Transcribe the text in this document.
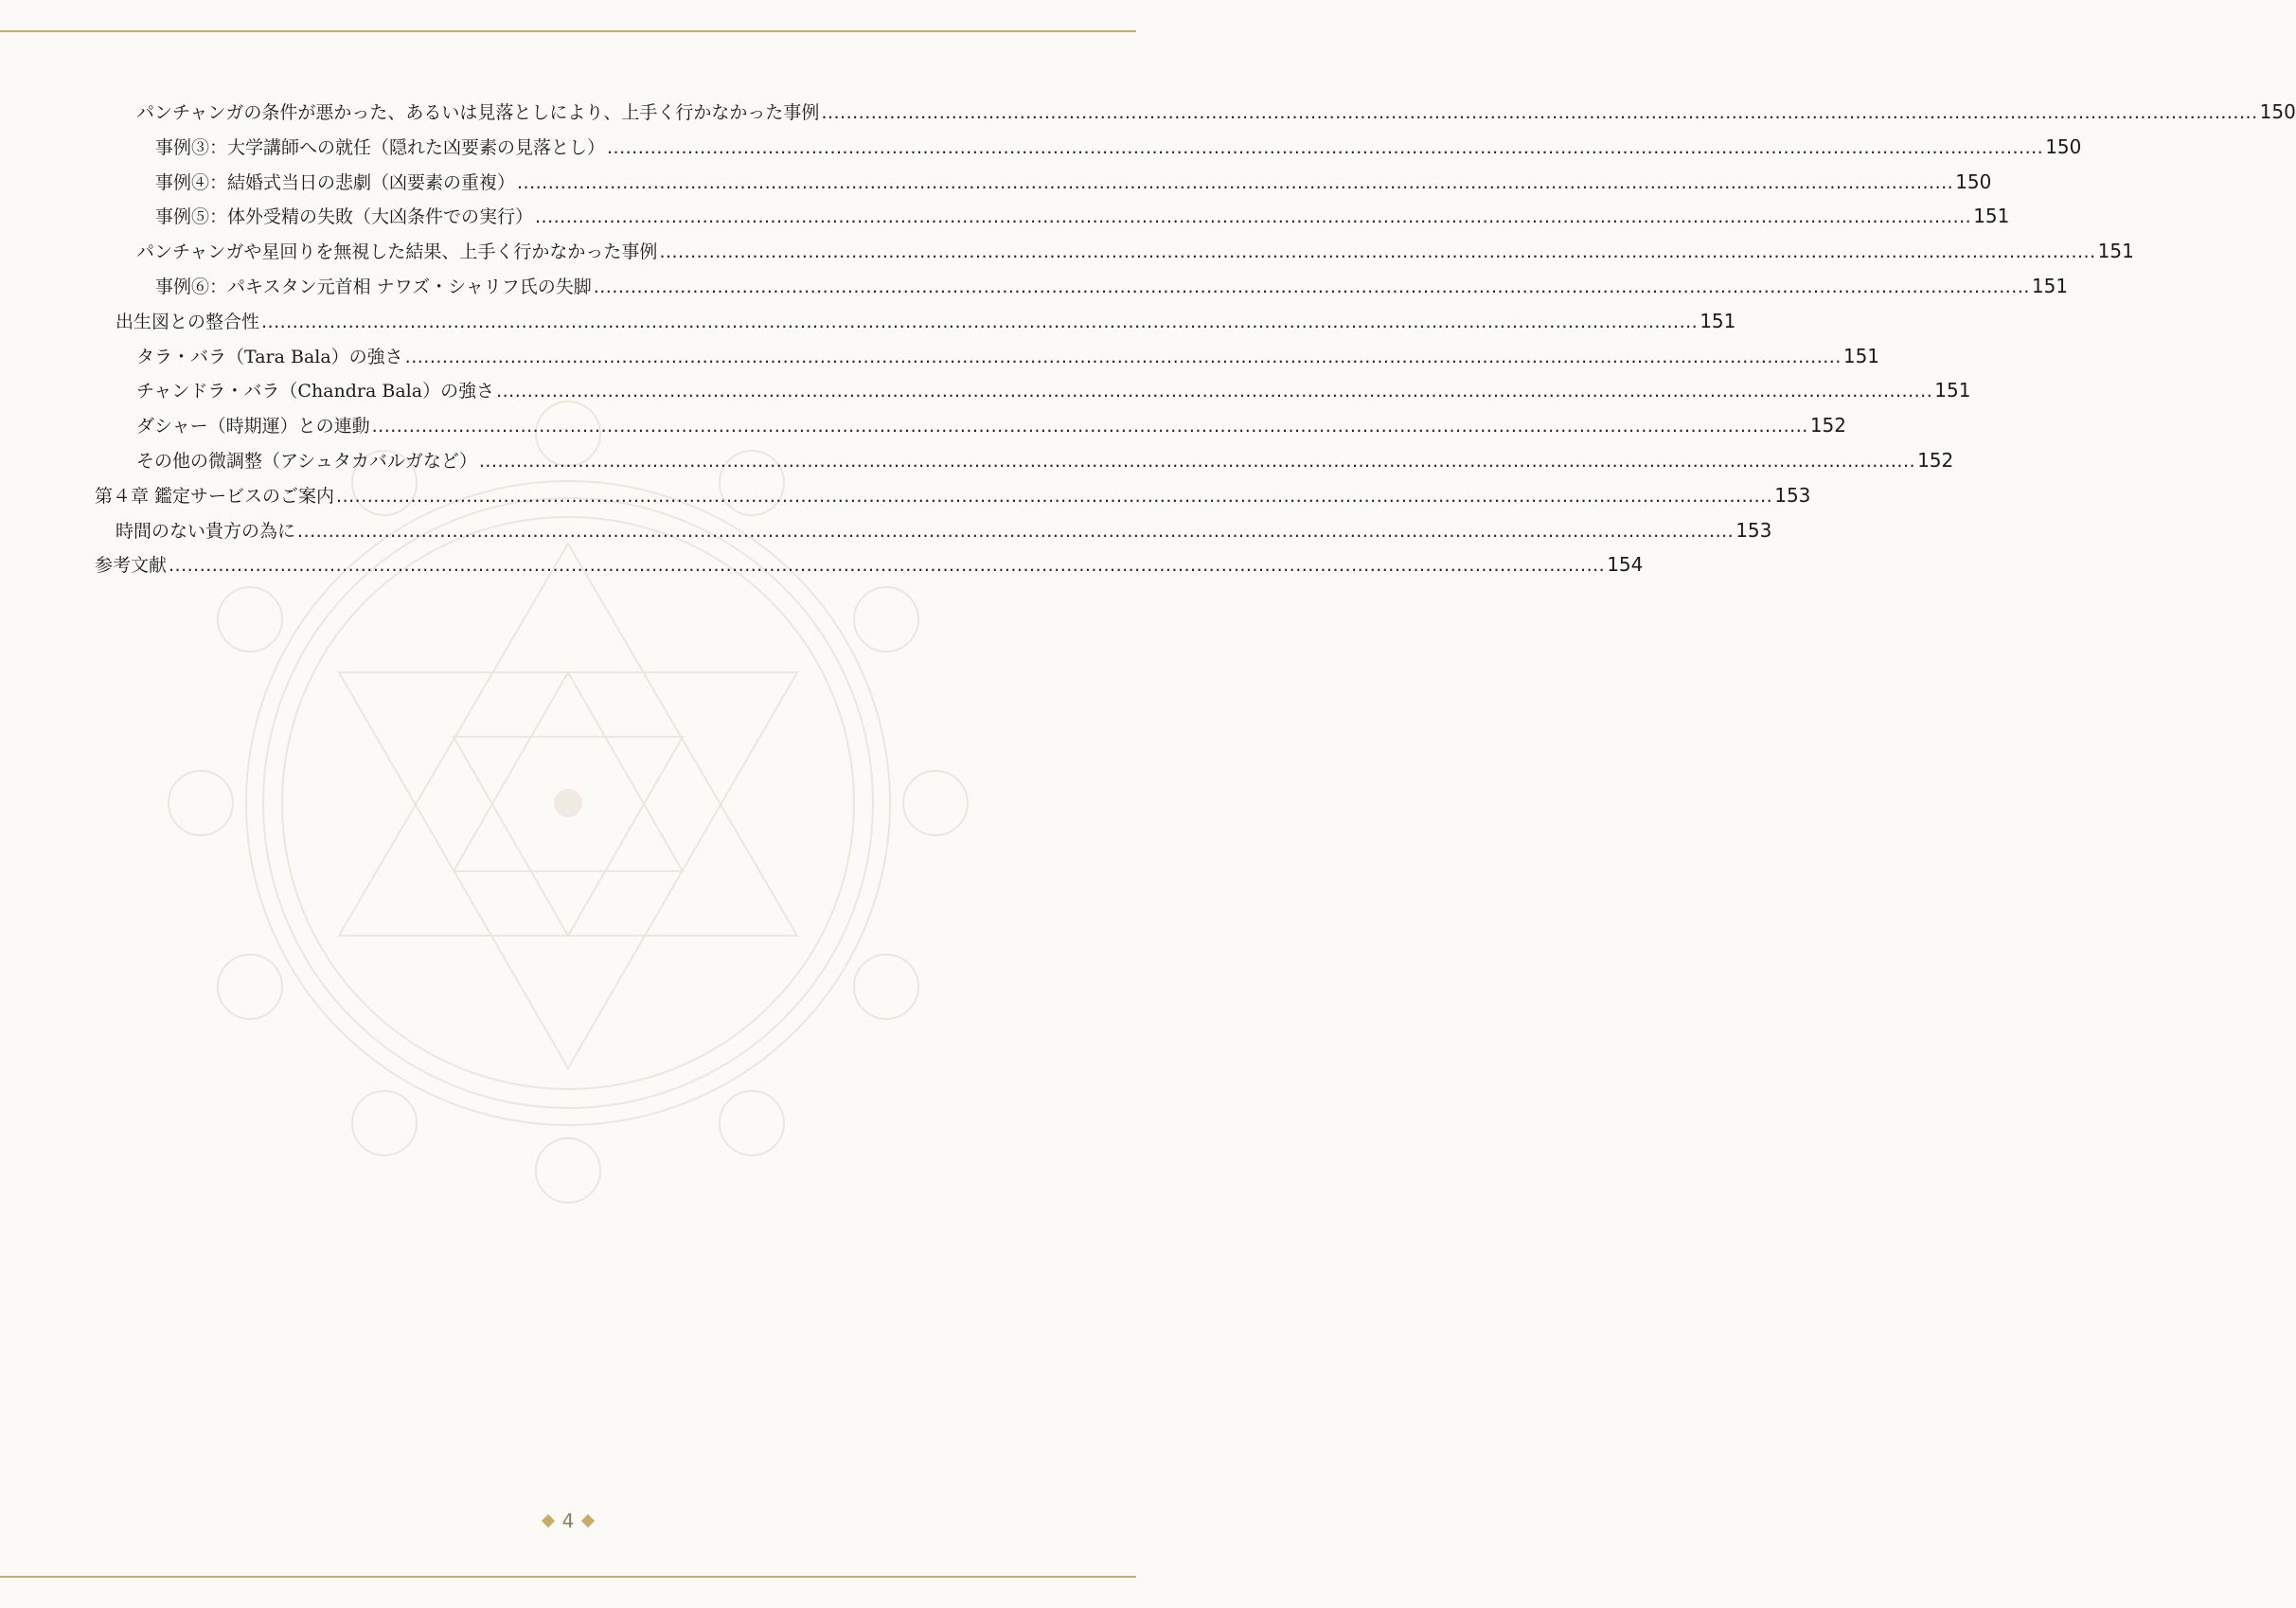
パンチャンガの条件が悪かった、あるいは見落としにより、上手く行かなかった事例 .....	150
事例③：大学講師への就任（隠れた凶要素の見落とし） .....	150
事例④：結婚式当日の悲劇（凶要素の重複） .....	150
事例⑤：体外受精の失敗（大凶条件での実行） .....	151
パンチャンガや星回りを無視した結果、上手く行かなかった事例 .....	151
事例⑥：パキスタン元首相 ナワズ・シャリフ氏の失脚 .....	151
出生図との整合性 .....	151
タラ・バラ（Tara Bala）の強さ .....	151
チャンドラ・バラ（Chandra Bala）の強さ .....	151
ダシャー（時期運）との連動 .....	152
その他の微調整（アシュタカバルガなど） .....	152
第４章 鑑定サービスのご案内 .....	153
時間のない貴方の為に .....	153
参考文献 .....	154
4
